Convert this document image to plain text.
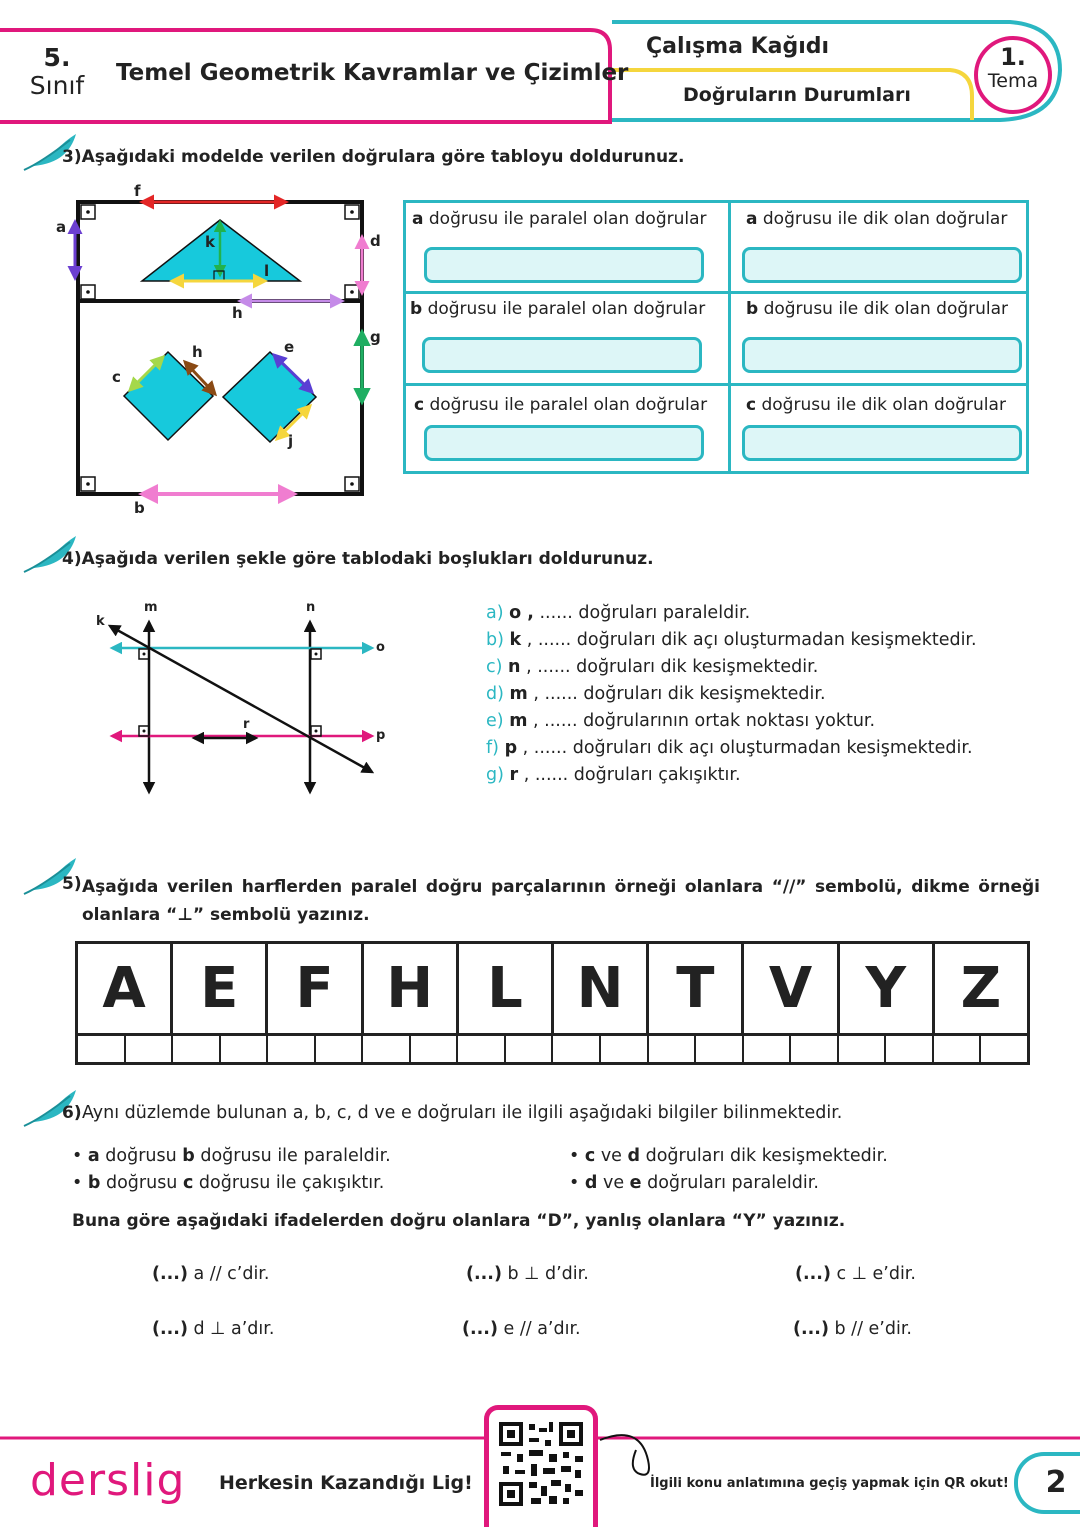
5.
Sınıf	Temel Geometrik Kavramlar ve Çizimler
Çalışma Kağıdı
Doğruların Durumları
1.
Tema
3)Aşağıdaki modelde verilen doğrulara göre tabloyu doldurunuz.
f
a
d
k
l
h
g
h	e
c
j
b
a doğrusu ile paralel olan doğrular a doğrusu ile dik olan doğrular
b doğrusu ile paralel olan doğrular b doğrusu ile dik olan doğrular
c doğrusu ile paralel olan doğrular c doğrusu ile dik olan doğrular
4)Aşağıda verilen şekle göre tablodaki boşlukları doldurunuz.
k
m	n
o
p
r
a) o , ...... doğruları paraleldir.
b) k , ...... doğruları dik açı oluşturmadan kesişmektedir.
c) n , ...... doğruları dik kesişmektedir.
d) m , ...... doğruları dik kesişmektedir.
e) m , ...... doğrularının ortak noktası yoktur.
f) p , ...... doğruları dik açı oluşturmadan kesişmektedir.
g) r , ...... doğruları çakışıktır.
5) Aşağıda verilen harflerden paralel doğru parçalarının örneği olanlara “//” sembolü, dikme örneği olanlara “⊥” sembolü yazınız.
A E	F H L N T V Y Z
6) Aynı düzlemde bulunan a, b, c, d ve e doğruları ile ilgili aşağıdaki bilgiler bilinmektedir.
• a doğrusu b doğrusu ile paraleldir.
• b doğrusu c doğrusu ile çakışıktır.
• c ve d doğruları dik kesişmektedir.
• d ve e doğruları paraleldir.
Buna göre aşağıdaki ifadelerden doğru olanlara “D”, yanlış olanlara “Y” yazınız.
(...) a // c’dir.	(...) b ⊥ d’dir.	(...) c ⊥ e’dir.
(...) d ⊥ a’dır.	(...) e // a’dır.	(...) b // e’dir.
derslig Herkesin Kazandığı Lig!	İlgili konu anlatımına geçiş yapmak için QR okut!	2
